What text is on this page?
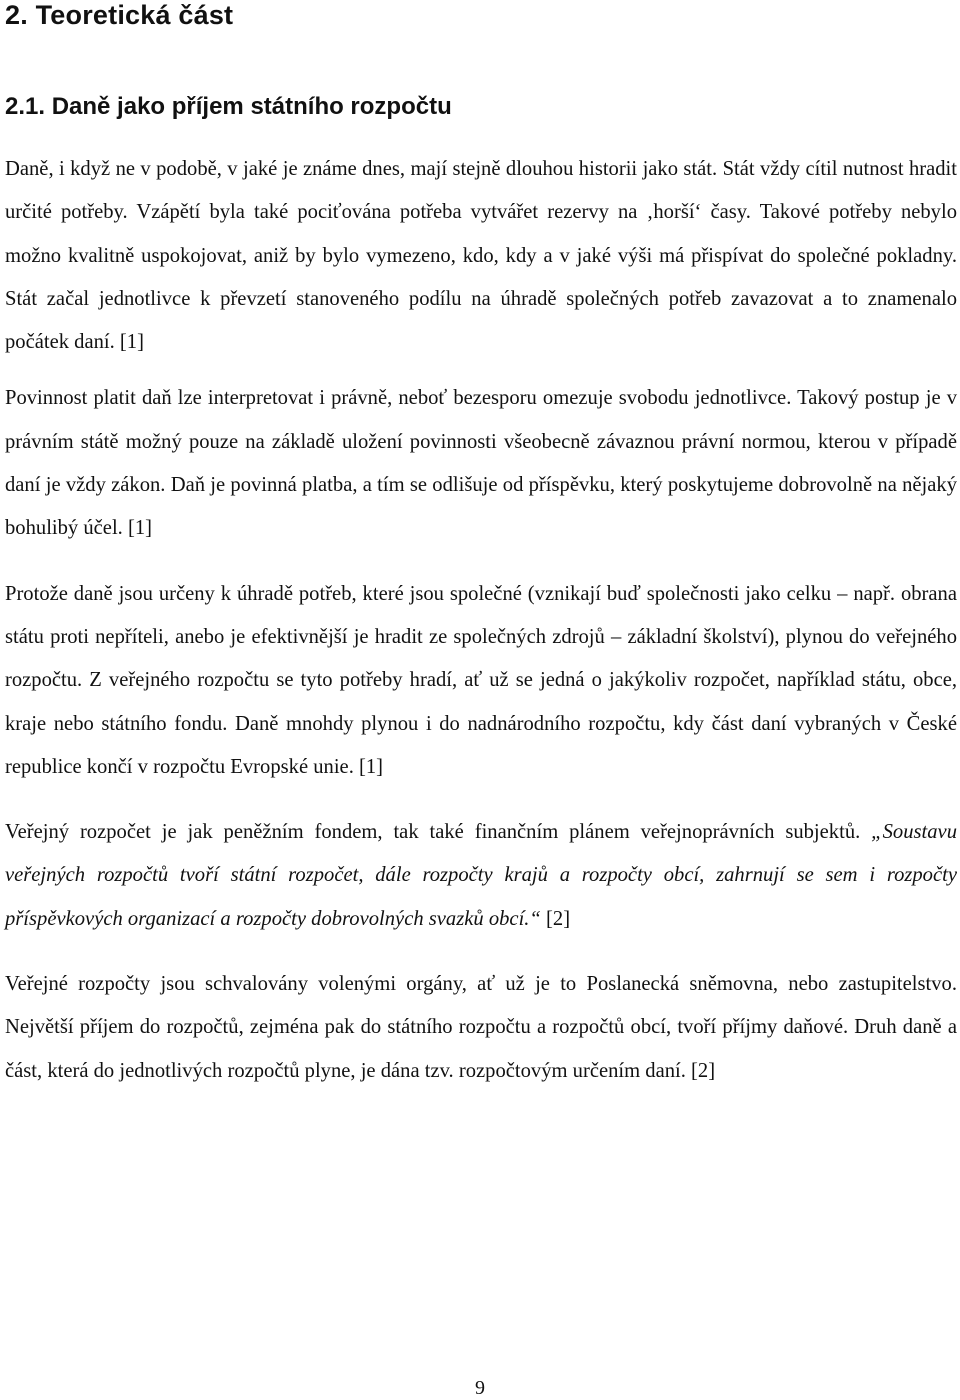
2. Teoretická část
2.1. Daně jako příjem státního rozpočtu

Daně, i když ne v podobě, v jaké je známe dnes, mají stejně dlouhou historii jako stát. Stát vždy cítil nutnost hradit určité potřeby. Vzápětí byla také pociťována potřeba vytvářet rezervy na ‚horší‘ časy. Takové potřeby nebylo možno kvalitně uspokojovat, aniž by bylo vymezeno, kdo, kdy a v jaké výši má přispívat do společné pokladny. Stát začal jednotlivce k převzetí stanoveného podílu na úhradě společných potřeb zavazovat a to znamenalo počátek daní. [1]

Povinnost platit daň lze interpretovat i právně, neboť bezesporu omezuje svobodu jednotlivce. Takový postup je v právním státě možný pouze na základě uložení povinnosti všeobecně závaznou právní normou, kterou v případě daní je vždy zákon. Daň je povinná platba, a tím se odlišuje od příspěvku, který poskytujeme dobrovolně na nějaký bohulibý účel. [1]

Protože daně jsou určeny k úhradě potřeb, které jsou společné (vznikají buď společnosti jako celku – např. obrana státu proti nepříteli, anebo je efektivnější je hradit ze společných zdrojů – základní školství), plynou do veřejného rozpočtu. Z veřejného rozpočtu se tyto potřeby hradí, ať už se jedná o jakýkoliv rozpočet, například státu, obce, kraje nebo státního fondu. Daně mnohdy plynou i do nadnárodního rozpočtu, kdy část daní vybraných v České republice končí v rozpočtu Evropské unie. [1]

Veřejný rozpočet je jak peněžním fondem, tak také finančním plánem veřejnoprávních subjektů. „Soustavu veřejných rozpočtů tvoří státní rozpočet, dále rozpočty krajů a rozpočty obcí, zahrnují se sem i rozpočty příspěvkových organizací a rozpočty dobrovolných svazků obcí.“ [2]

Veřejné rozpočty jsou schvalovány volenými orgány, ať už je to Poslanecká sněmovna, nebo zastupitelstvo. Největší příjem do rozpočtů, zejména pak do státního rozpočtu a rozpočtů obcí, tvoří příjmy daňové. Druh daně a část, která do jednotlivých rozpočtů plyne, je dána tzv. rozpočtovým určením daní. [2]

9
